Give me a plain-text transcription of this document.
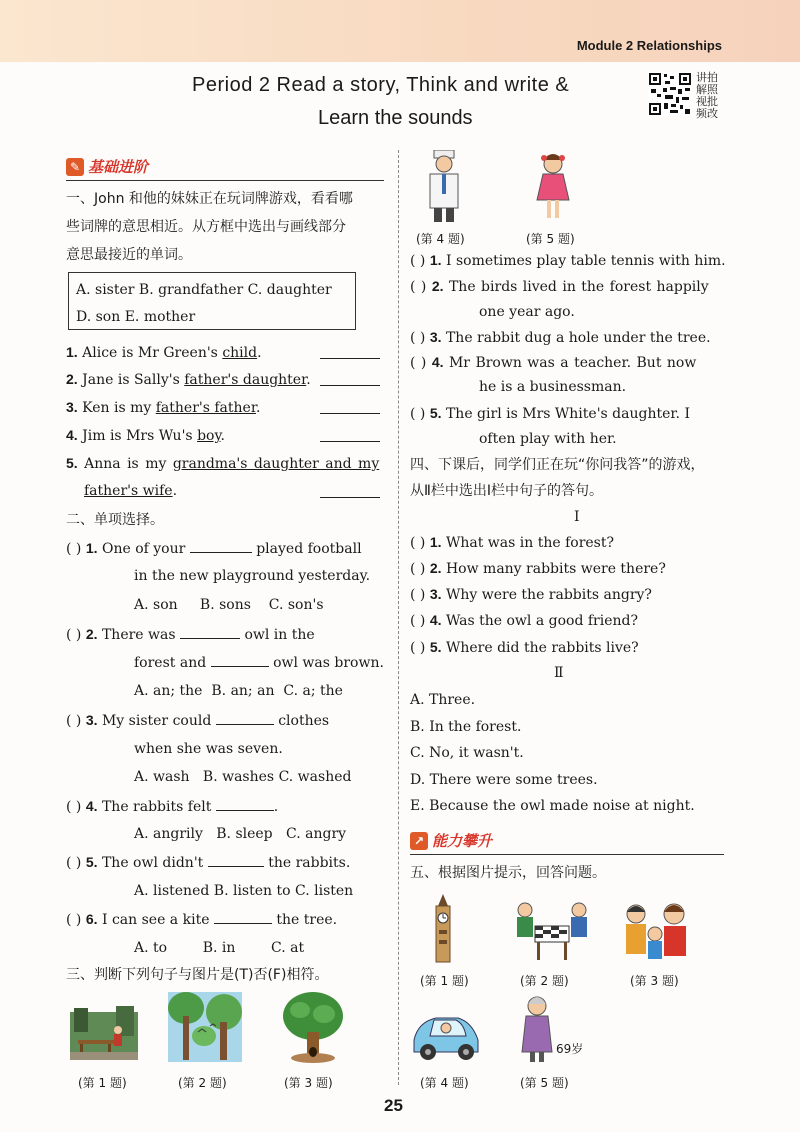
Module 2 Relationships
Period 2 Read a story, Think and write &
Learn the sounds
讲拍解照视批频改
✎ 基础进阶
一、John 和他的妹妹正在玩词牌游戏，看看哪
些词牌的意思相近。从方框中选出与画线部分
意思最接近的单词。
A. sister B. grandfather C. daughter
D. son E. mother
1. Alice is Mr Green's child.
2. Jane is Sally's father's daughter.
3. Ken is my father's father.
4. Jim is Mrs Wu's boy.
5. Anna is my grandma's daughter and my
father's wife.
二、单项选择。
( ) 1. One of your	played football
in the new playground yesterday.
A. son B. sons C. son's
( ) 2. There was	owl in the
forest and	owl was brown.
A. an; the B. an; an C. a; the
( ) 3. My sister could	clothes
when she was seven.
A. wash B. washes C. washed
( ) 4. The rabbits felt	.
A. angrily B. sleep C. angry
( ) 5. The owl didn't	the rabbits.
A. listened B. listen to C. listen
( ) 6. I can see a kite	the tree.
A. to	B. in	C. at
三、判断下列句子与图片是(T)否(F)相符。
(第 1 题)	(第 2 题)	(第 3 题)
(第 4 题)	(第 5 题)
( ) 1. I sometimes play table tennis with him.
( ) 2. The birds lived in the forest happily
one year ago.
( ) 3. The rabbit dug a hole under the tree.
( ) 4. Mr Brown was a teacher. But now
he is a businessman.
( ) 5. The girl is Mrs White's daughter. I
often play with her.
四、下课后，同学们正在玩“你问我答”的游戏，
从Ⅱ栏中选出Ⅰ栏中句子的答句。
I
( ) 1. What was in the forest?
( ) 2. How many rabbits were there?
( ) 3. Why were the rabbits angry?
( ) 4. Was the owl a good friend?
( ) 5. Where did the rabbits live?
Ⅱ
A. Three.
B. In the forest.
C. No, it wasn't.
D. There were some trees.
E. Because the owl made noise at night.
↗ 能力攀升
五、根据图片提示，回答问题。
(第 1 题)	(第 2 题)	(第 3 题)
(第 4 题)
69岁
(第 5 题)
25
